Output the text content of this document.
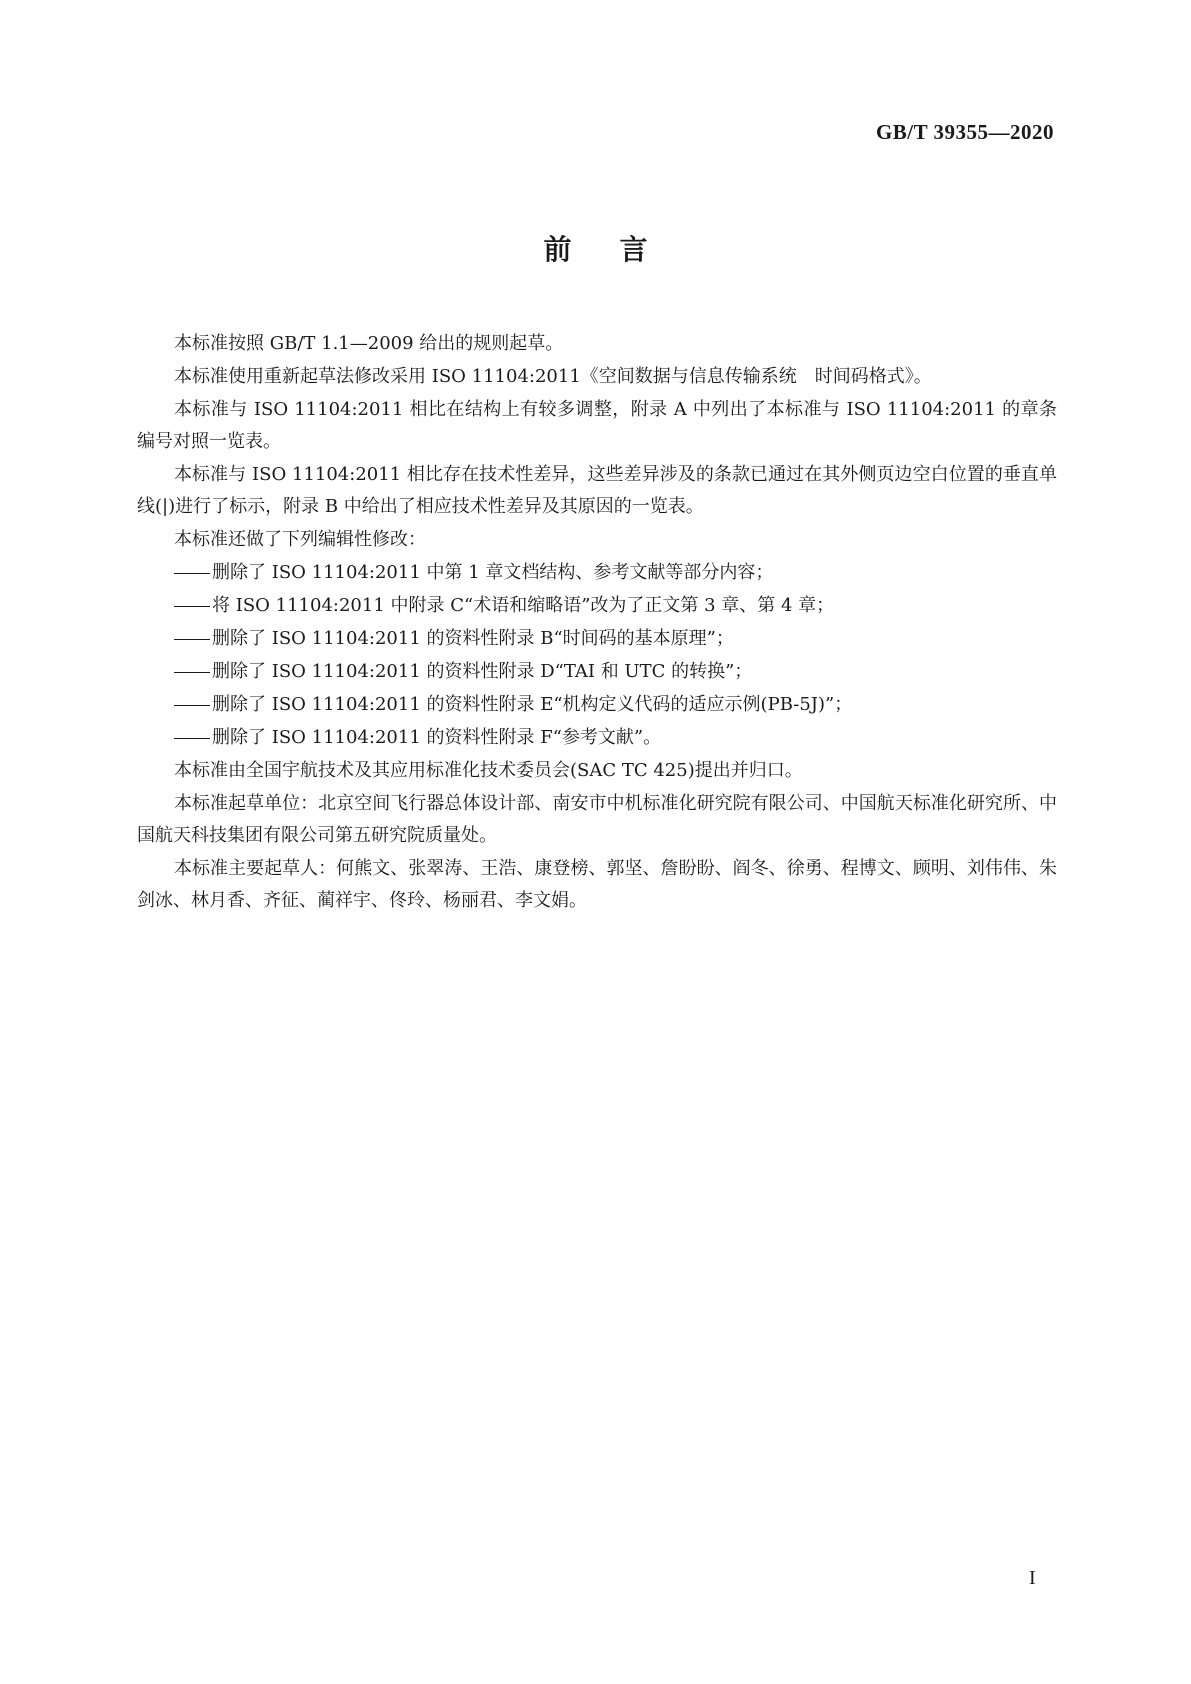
GB/T 39355—2020
前言

本标准按照 GB/T 1.1—2009 给出的规则起草。

本标准使用重新起草法修改采用 ISO 11104:2011《空间数据与信息传输系统　时间码格式》。

本标准与 ISO 11104:2011 相比在结构上有较多调整，附录 A 中列出了本标准与 ISO 11104:2011 的章条编号对照一览表。

本标准与 ISO 11104:2011 相比存在技术性差异，这些差异涉及的条款已通过在其外侧页边空白位置的垂直单线(|)进行了标示，附录 B 中给出了相应技术性差异及其原因的一览表。

本标准还做了下列编辑性修改：

删除了 ISO 11104:2011 中第 1 章文档结构、参考文献等部分内容；
将 ISO 11104:2011 中附录 C“术语和缩略语”改为了正文第 3 章、第 4 章；
删除了 ISO 11104:2011 的资料性附录 B“时间码的基本原理”；
删除了 ISO 11104:2011 的资料性附录 D“TAI 和 UTC 的转换”；
删除了 ISO 11104:2011 的资料性附录 E“机构定义代码的适应示例(PB-5J)”；
删除了 ISO 11104:2011 的资料性附录 F“参考文献”。

本标准由全国宇航技术及其应用标准化技术委员会(SAC TC 425)提出并归口。

本标准起草单位：北京空间飞行器总体设计部、南安市中机标准化研究院有限公司、中国航天标准化研究所、中国航天科技集团有限公司第五研究院质量处。

本标准主要起草人：何熊文、张翠涛、王浩、康登榜、郭坚、詹盼盼、阎冬、徐勇、程博文、顾明、刘伟伟、朱剑冰、林月香、齐征、蔺祥宇、佟玲、杨丽君、李文娟。

I
